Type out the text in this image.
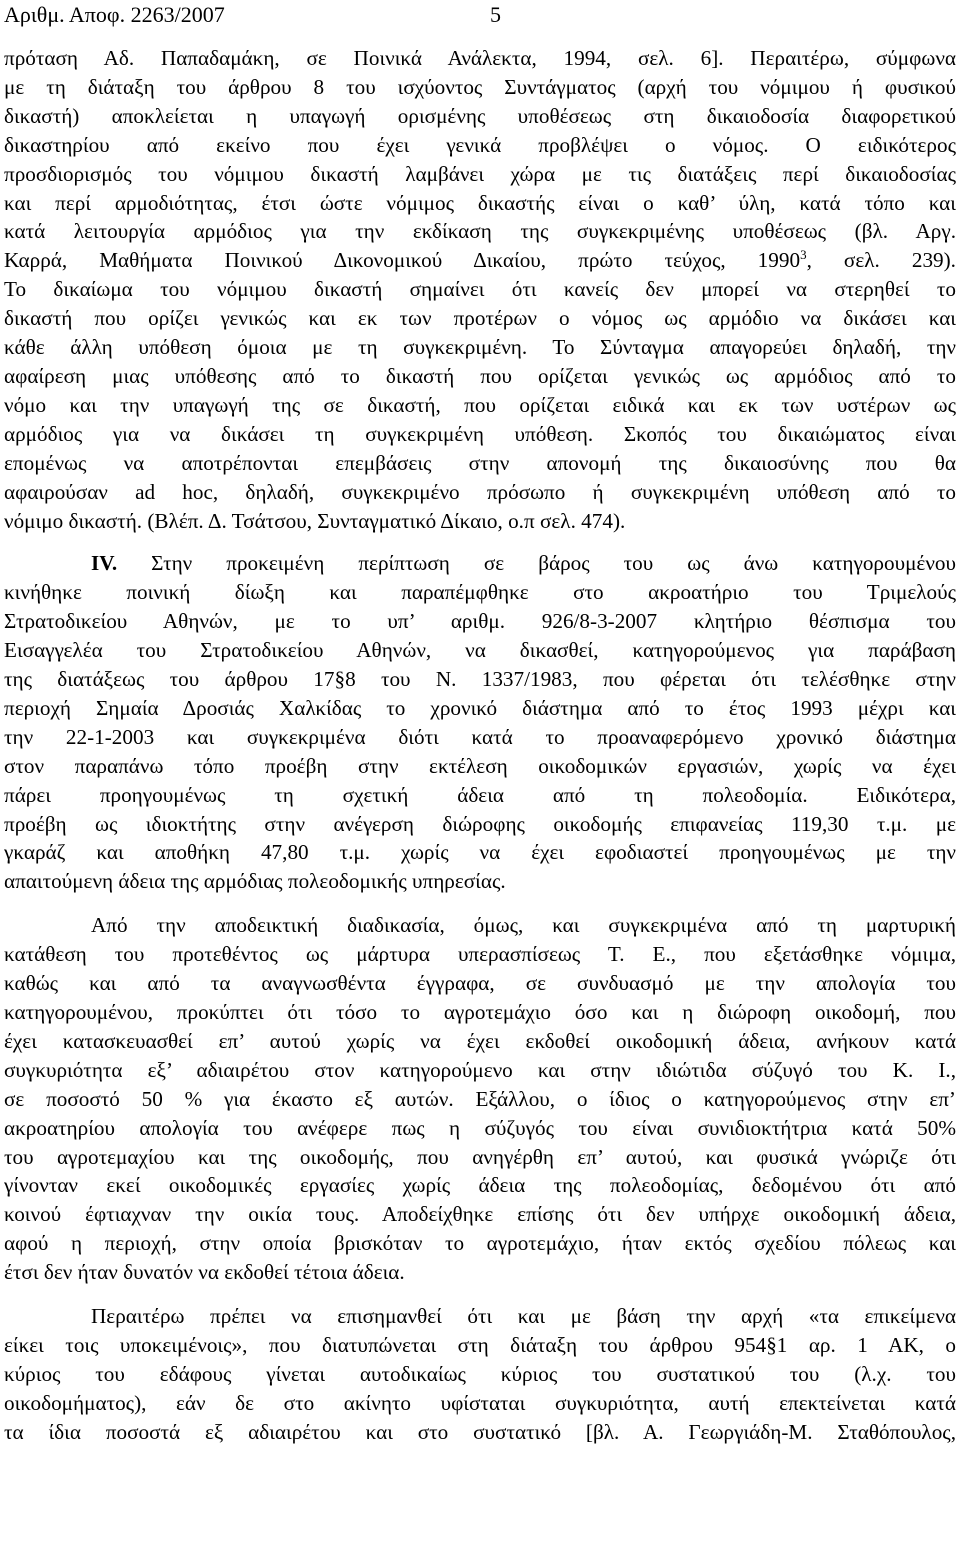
Αριθμ. Αποφ. 2263/2007	5
πρόταση Αδ. Παπαδαμάκη, σε Ποινικά Ανάλεκτα, 1994, σελ. 6]. Περαιτέρω, σύμφωνα
με τη διάταξη του άρθρου 8 του ισχύοντος Συντάγματος (αρχή του νόμιμου ή φυσικού
δικαστή) αποκλείεται η υπαγωγή ορισμένης υποθέσεως στη δικαιοδοσία διαφορετικού
δικαστηρίου από εκείνο που έχει γενικά προβλέψει ο νόμος. Ο ειδικότερος
προσδιορισμός του νόμιμου δικαστή λαμβάνει χώρα με τις διατάξεις περί δικαιοδοσίας
και περί αρμοδιότητας, έτσι ώστε νόμιμος δικαστής είναι ο καθ’ ύλη, κατά τόπο και
κατά λειτουργία αρμόδιος για την εκδίκαση της συγκεκριμένης υποθέσεως (βλ. Αργ.
Καρρά, Μαθήματα Ποινικού Δικονομικού Δικαίου, πρώτο τεύχος, 1990$^3$, σελ. 239).
Το δικαίωμα του νόμιμου δικαστή σημαίνει ότι κανείς δεν μπορεί να στερηθεί το
δικαστή που ορίζει γενικώς και εκ των προτέρων ο νόμος ως αρμόδιο να δικάσει και
κάθε άλλη υπόθεση όμοια με τη συγκεκριμένη. Το Σύνταγμα απαγορεύει δηλαδή, την
αφαίρεση μιας υπόθεσης από το δικαστή που ορίζεται γενικώς ως αρμόδιος από το
νόμο και την υπαγωγή της σε δικαστή, που ορίζεται ειδικά και εκ των υστέρων ως
αρμόδιος για να δικάσει τη συγκεκριμένη υπόθεση. Σκοπός του δικαιώματος είναι
επομένως να αποτρέπονται επεμβάσεις στην απονομή της δικαιοσύνης που θα
αφαιρούσαν ad hoc, δηλαδή, συγκεκριμένο πρόσωπο ή συγκεκριμένη υπόθεση από το
νόμιμο δικαστή. (Βλέπ. Δ. Τσάτσου, Συνταγματικό Δίκαιο, ο.π σελ. 474).
IV. Στην προκειμένη περίπτωση σε βάρος του ως άνω κατηγορουμένου
κινήθηκε ποινική δίωξη και παραπέμφθηκε στο ακροατήριο του Τριμελούς
Στρατοδικείου Αθηνών, με το υπ’ αριθμ. 926/8-3-2007 κλητήριο θέσπισμα του
Εισαγγελέα του Στρατοδικείου Αθηνών, να δικασθεί, κατηγορούμενος για παράβαση
της διατάξεως του άρθρου 17§8 του Ν. 1337/1983, που φέρεται ότι τελέσθηκε στην
περιοχή Σημαία Δροσιάς Χαλκίδας το χρονικό διάστημα από το έτος 1993 μέχρι και
την 22-1-2003 και συγκεκριμένα διότι κατά το προαναφερόμενο χρονικό διάστημα
στον παραπάνω τόπο προέβη στην εκτέλεση οικοδομικών εργασιών, χωρίς να έχει
πάρει προηγουμένως τη σχετική άδεια από τη πολεοδομία. Ειδικότερα,
προέβη ως ιδιοκτήτης στην ανέγερση διώροφης οικοδομής επιφανείας 119,30 τ.μ. με
γκαράζ και αποθήκη 47,80 τ.μ. χωρίς να έχει εφοδιαστεί προηγουμένως με την
απαιτούμενη άδεια της αρμόδιας πολεοδομικής υπηρεσίας.
Από την αποδεικτική διαδικασία, όμως, και συγκεκριμένα από τη μαρτυρική
κατάθεση του προτεθέντος ως μάρτυρα υπερασπίσεως Τ. Ε., που εξετάσθηκε νόμιμα,
καθώς και από τα αναγνωσθέντα έγγραφα, σε συνδυασμό με την απολογία του
κατηγορουμένου, προκύπτει ότι τόσο το αγροτεμάχιο όσο και η διώροφη οικοδομή, που
έχει κατασκευασθεί επ’ αυτού χωρίς να έχει εκδοθεί οικοδομική άδεια, ανήκουν κατά
συγκυριότητα εξ’ αδιαιρέτου στον κατηγορούμενο και στην ιδιώτιδα σύζυγό του Κ. Ι.,
σε ποσοστό 50 % για έκαστο εξ αυτών. Εξάλλου, ο ίδιος ο κατηγορούμενος στην επ’
ακροατηρίου απολογία του ανέφερε πως η σύζυγός του είναι συνιδιοκτήτρια κατά 50%
του αγροτεμαχίου και της οικοδομής, που ανηγέρθη επ’ αυτού, και φυσικά γνώριζε ότι
γίνονταν εκεί οικοδομικές εργασίες χωρίς άδεια της πολεοδομίας, δεδομένου ότι από
κοινού έφτιαχναν την οικία τους. Αποδείχθηκε επίσης ότι δεν υπήρχε οικοδομική άδεια,
αφού η περιοχή, στην οποία βρισκόταν το αγροτεμάχιο, ήταν εκτός σχεδίου πόλεως και
έτσι δεν ήταν δυνατόν να εκδοθεί τέτοια άδεια.
Περαιτέρω πρέπει να επισημανθεί ότι και με βάση την αρχή «τα επικείμενα
είκει τοις υποκειμένοις», που διατυπώνεται στη διάταξη του άρθρου 954§1 αρ. 1 ΑΚ, ο
κύριος του εδάφους γίνεται αυτοδικαίως κύριος του συστατικού του (λ.χ. του
οικοδομήματος), εάν δε στο ακίνητο υφίσταται συγκυριότητα, αυτή επεκτείνεται κατά
τα ίδια ποσοστά εξ αδιαιρέτου και στο συστατικό [βλ. Α. Γεωργιάδη-Μ. Σταθόπουλος,
